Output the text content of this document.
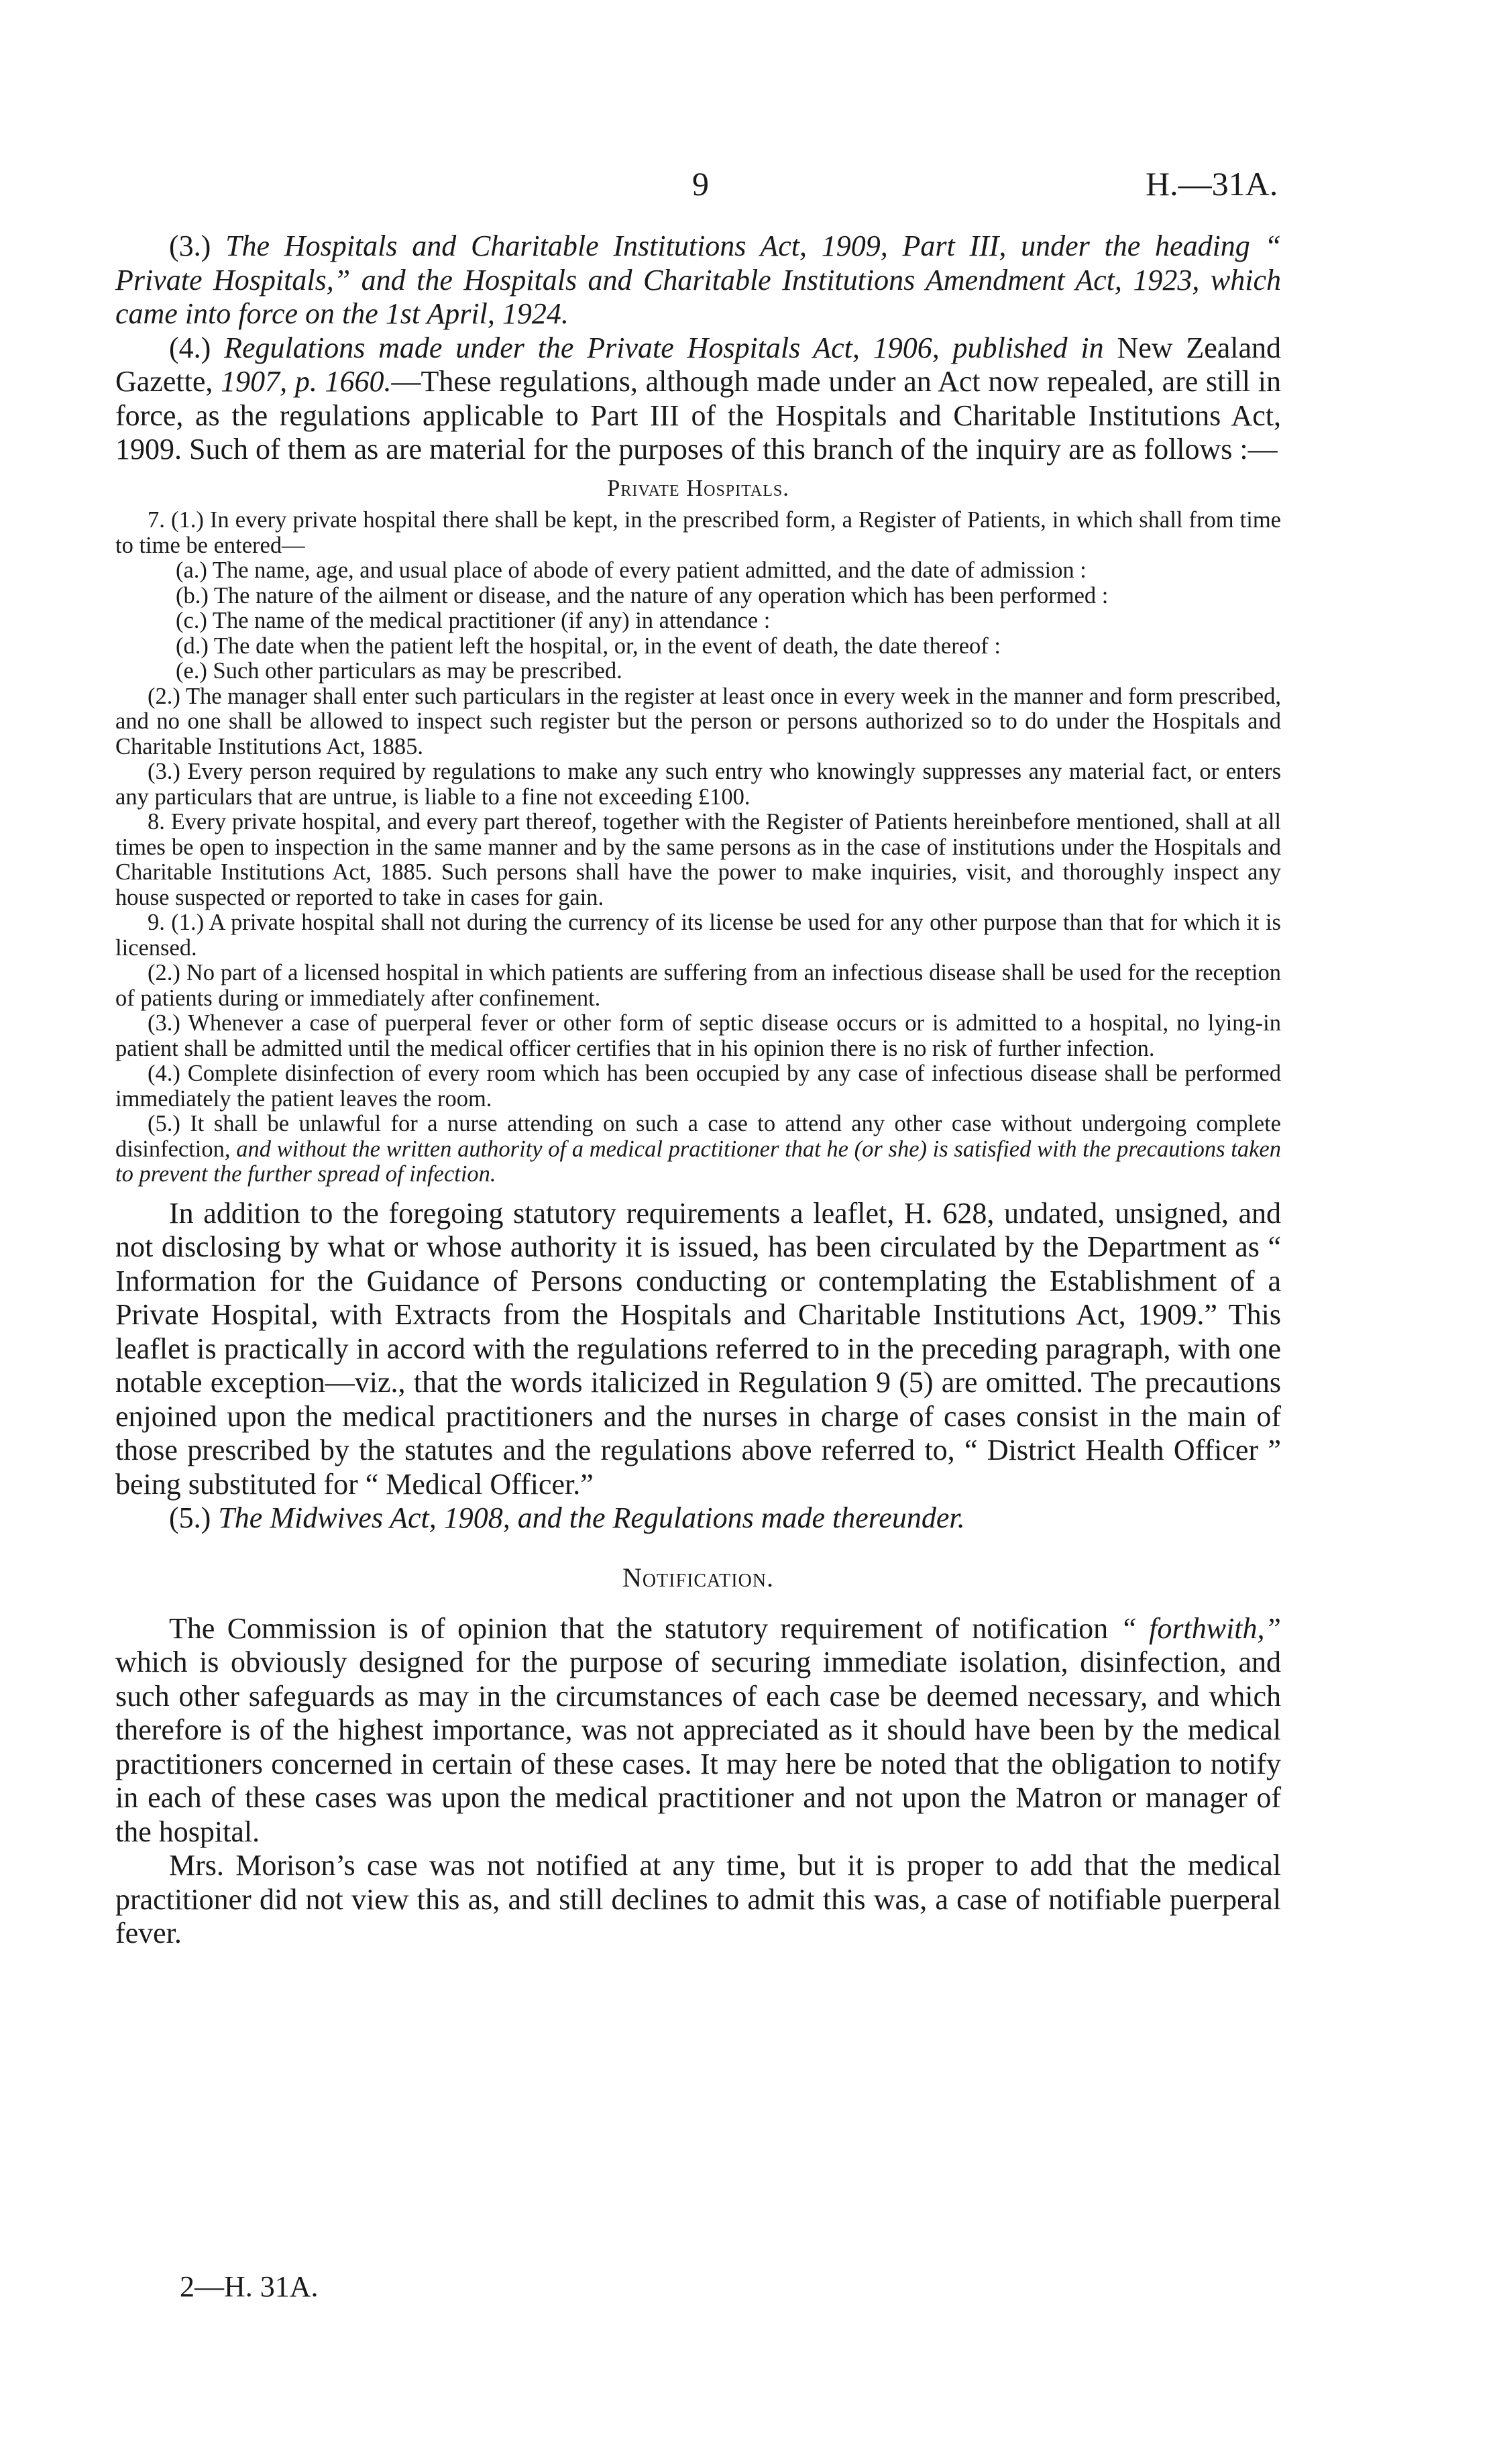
9	H.—31A.

(3.) The Hospitals and Charitable Institutions Act, 1909, Part III, under the heading “ Private Hospitals,” and the Hospitals and Charitable Institutions Amendment Act, 1923, which came into force on the 1st April, 1924.

(4.) Regulations made under the Private Hospitals Act, 1906, published in New Zealand Gazette, 1907, p. 1660.—These regulations, although made under an Act now repealed, are still in force, as the regulations applicable to Part III of the Hospitals and Charitable Institutions Act, 1909. Such of them as are material for the purposes of this branch of the inquiry are as follows :—

Private Hospitals.

7. (1.) In every private hospital there shall be kept, in the prescribed form, a Register of Patients, in which shall from time to time be entered—

(a.) The name, age, and usual place of abode of every patient admitted, and the date of admission :

(b.) The nature of the ailment or disease, and the nature of any operation which has been performed :

(c.) The name of the medical practitioner (if any) in attendance :

(d.) The date when the patient left the hospital, or, in the event of death, the date thereof :

(e.) Such other particulars as may be prescribed.

(2.) The manager shall enter such particulars in the register at least once in every week in the manner and form prescribed, and no one shall be allowed to inspect such register but the person or persons authorized so to do under the Hospitals and Charitable Institutions Act, 1885.

(3.) Every person required by regulations to make any such entry who knowingly suppresses any material fact, or enters any particulars that are untrue, is liable to a fine not exceeding £100.

8. Every private hospital, and every part thereof, together with the Register of Patients hereinbefore mentioned, shall at all times be open to inspection in the same manner and by the same persons as in the case of institutions under the Hospitals and Charitable Institutions Act, 1885. Such persons shall have the power to make inquiries, visit, and thoroughly inspect any house suspected or reported to take in cases for gain.

9. (1.) A private hospital shall not during the currency of its license be used for any other purpose than that for which it is licensed.

(2.) No part of a licensed hospital in which patients are suffering from an infectious disease shall be used for the reception of patients during or immediately after confinement.

(3.) Whenever a case of puerperal fever or other form of septic disease occurs or is admitted to a hospital, no lying-in patient shall be admitted until the medical officer certifies that in his opinion there is no risk of further infection.

(4.) Complete disinfection of every room which has been occupied by any case of infectious disease shall be performed immediately the patient leaves the room.

(5.) It shall be unlawful for a nurse attending on such a case to attend any other case without undergoing complete disinfection, and without the written authority of a medical practitioner that he (or she) is satisfied with the precautions taken to prevent the further spread of infection.

In addition to the foregoing statutory requirements a leaflet, H. 628, undated, unsigned, and not disclosing by what or whose authority it is issued, has been circulated by the Department as “ Information for the Guidance of Persons conducting or contemplating the Establishment of a Private Hospital, with Extracts from the Hospitals and Charitable Institutions Act, 1909.” This leaflet is practically in accord with the regulations referred to in the preceding paragraph, with one notable exception—viz., that the words italicized in Regulation 9 (5) are omitted. The precautions enjoined upon the medical practitioners and the nurses in charge of cases consist in the main of those prescribed by the statutes and the regulations above referred to, “ District Health Officer ” being substituted for “ Medical Officer.”

(5.) The Midwives Act, 1908, and the Regulations made thereunder.

Notification.

The Commission is of opinion that the statutory requirement of notification “ forthwith,” which is obviously designed for the purpose of securing immediate isolation, disinfection, and such other safeguards as may in the circumstances of each case be deemed necessary, and which therefore is of the highest importance, was not appreciated as it should have been by the medical practitioners concerned in certain of these cases. It may here be noted that the obligation to notify in each of these cases was upon the medical practitioner and not upon the Matron or manager of the hospital.

Mrs. Morison’s case was not notified at any time, but it is proper to add that the medical practitioner did not view this as, and still declines to admit this was, a case of notifiable puerperal fever.

2—H. 31A.
